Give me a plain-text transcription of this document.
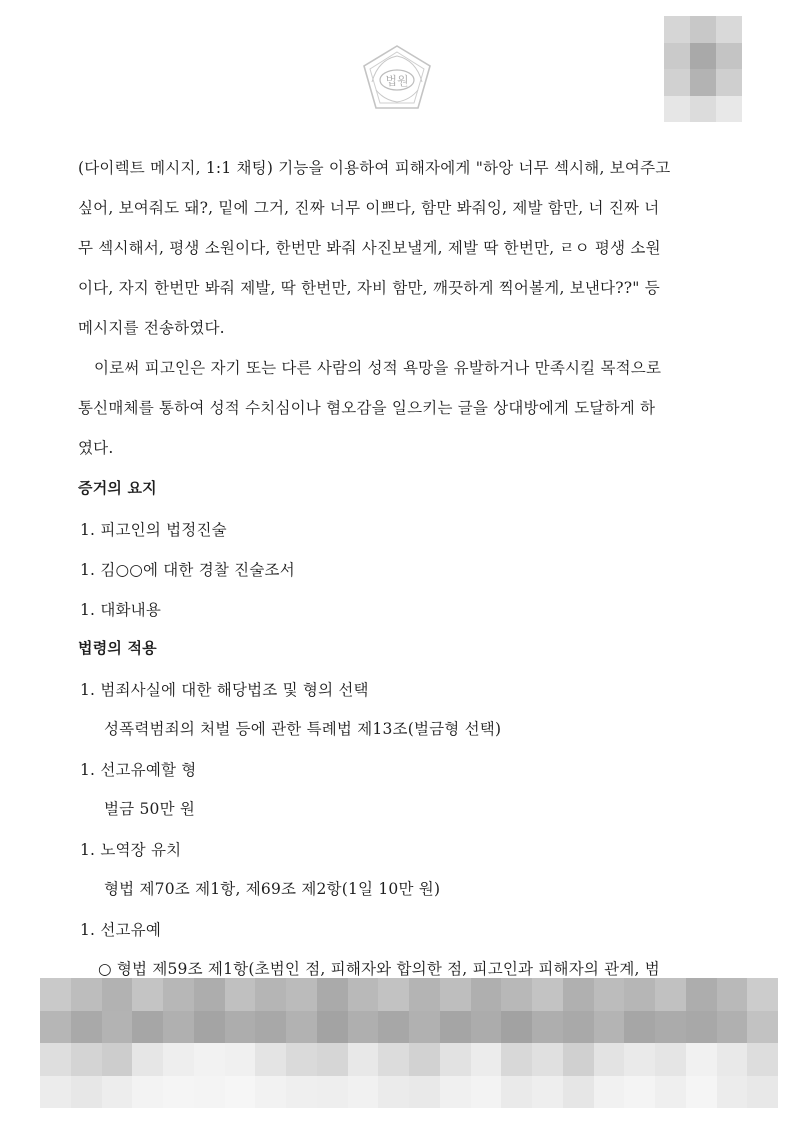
법원
(다이렉트 메시지, 1:1 채팅) 기능을 이용하여 피해자에게 "하앙 너무 섹시해, 보여주고
싶어, 보여줘도 돼?, 밑에 그거, 진짜 너무 이쁘다, 함만 봐줘잉, 제발 함만, 너 진짜 너
무 섹시해서, 평생 소원이다, 한번만 봐줘 사진보낼게, 제발 딱 한번만, ㄹㅇ 평생 소원
이다, 자지 한번만 봐줘 제발, 딱 한번만, 자비 함만, 깨끗하게 찍어볼게, 보낸다??" 등
메시지를 전송하였다.
이로써 피고인은 자기 또는 다른 사람의 성적 욕망을 유발하거나 만족시킬 목적으로
통신매체를 통하여 성적 수치심이나 혐오감을 일으키는 글을 상대방에게 도달하게 하
였다.
증거의 요지
1. 피고인의 법정진술
1. 김○○에 대한 경찰 진술조서
1. 대화내용
법령의 적용
1. 범죄사실에 대한 해당법조 및 형의 선택
성폭력범죄의 처벌 등에 관한 특례법 제13조(벌금형 선택)
1. 선고유예할 형
벌금 50만 원
1. 노역장 유치
형법 제70조 제1항, 제69조 제2항(1일 10만 원)
1. 선고유예
○ 형법 제59조 제1항(초범인 점, 피해자와 합의한 점, 피고인과 피해자의 관계, 범
